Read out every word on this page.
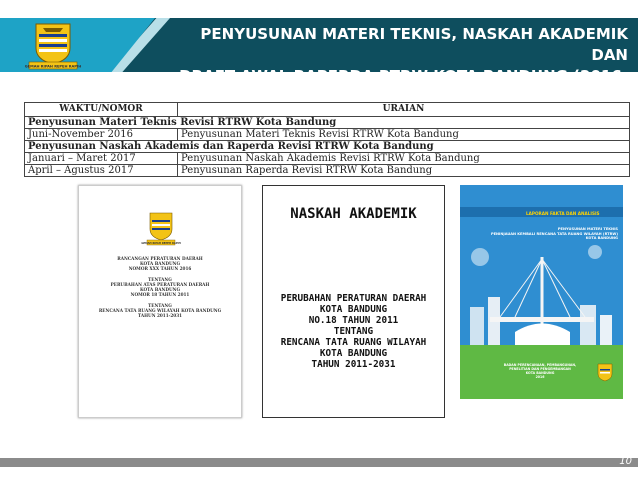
GEMAH RIPAH REPEH RAPIH
PENYUSUNAN MATERI TEKNIS, NASKAH AKADEMIK DAN
DRAFT AWAL RAPERDA RTRW KOTA BANDUNG (2016-2017)
WAKTU/NOMOR	URAIAN
Penyusunan Materi Teknis Revisi RTRW Kota Bandung	
Juni-November 2016	Penyusunan Materi Teknis Revisi RTRW Kota Bandung
Penyusunan Naskah Akademis dan Raperda Revisi RTRW Kota Bandung	
Januari – Maret 2017	Penyusunan Naskah Akademis Revisi RTRW Kota Bandung
April – Agustus 2017	Penyusunan Raperda Revisi RTRW Kota Bandung
GEMAH RIPAH REPEH RAPIH

RANCANGAN PERATURAN DAERAH

KOTA BANDUNG

NOMOR XXX TAHUN 2016

TENTANG

PERUBAHAN ATAS PERATURAN DAERAH

KOTA BANDUNG

NOMOR 18 TAHUN 2011

TENTANG

RENCANA TATA RUANG WILAYAH KOTA BANDUNG

TAHUN 2011-2031

NASKAH AKADEMIK

PERUBAHAN PERATURAN DAERAH

KOTA BANDUNG

NO.18 TAHUN 2011

TENTANG

RENCANA TATA RUANG WILAYAH

KOTA BANDUNG

TAHUN 2011-2031

LAPORAN FAKTA DAN ANALISIS

PENYUSUNAN MATERI TEKNIS

PENINJAUAN KEMBALI RENCANA TATA RUANG WILAYAH (RTRW)

KOTA BANDUNG

BADAN PERENCANAAN, PEMBANGUNAN,

PENELITIAN DAN PENGEMBANGAN

KOTA BANDUNG

2016

10
